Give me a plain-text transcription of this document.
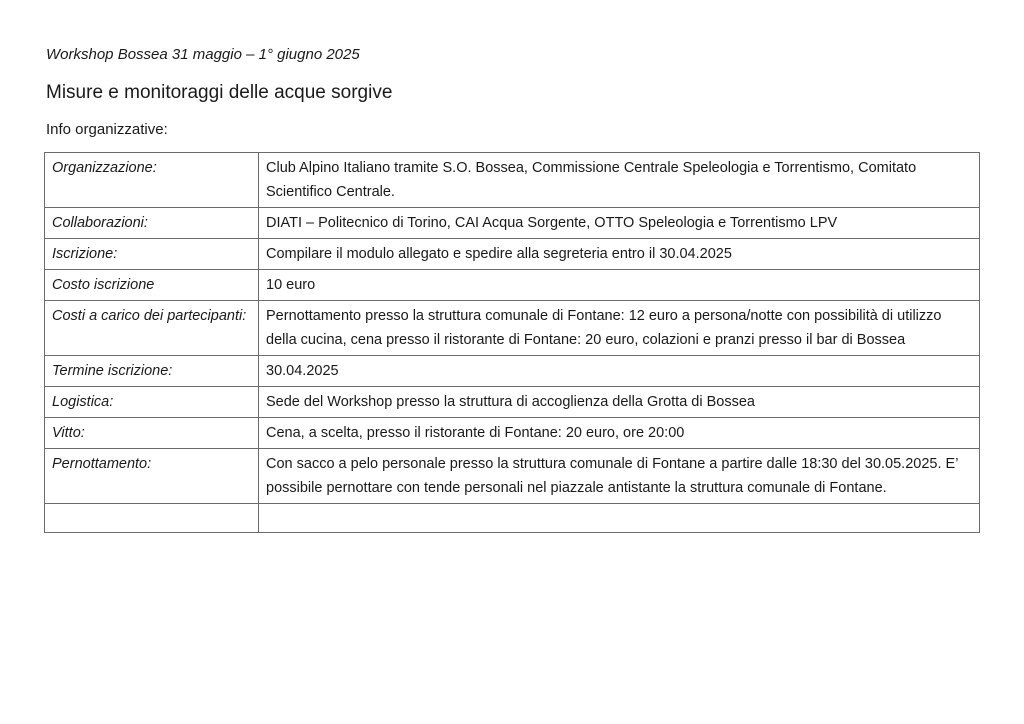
Workshop Bossea 31 maggio – 1° giugno 2025
Misure e monitoraggi delle acque sorgive
Info organizzative:
Organizzazione:	Club Alpino Italiano tramite S.O. Bossea, Commissione Centrale Speleologia e Torrentismo, Comitato Scientifico Centrale.
Collaborazioni:	DIATI – Politecnico di Torino, CAI Acqua Sorgente, OTTO Speleologia e Torrentismo LPV
Iscrizione:	Compilare il modulo allegato e spedire alla segreteria entro il 30.04.2025
Costo iscrizione	10 euro
Costi a carico dei partecipanti:	Pernottamento presso la struttura comunale di Fontane: 12 euro a persona/notte con possibilità di utilizzo della cucina, cena presso il ristorante di Fontane: 20 euro, colazioni e pranzi presso il bar di Bossea
Termine iscrizione:	30.04.2025
Logistica:	Sede del Workshop presso la struttura di accoglienza della Grotta di Bossea
Vitto:	Cena, a scelta, presso il ristorante di Fontane: 20 euro, ore 20:00
Pernottamento:	Con sacco a pelo personale presso la struttura comunale di Fontane a partire dalle 18:30 del 30.05.2025. E’ possibile pernottare con tende personali nel piazzale antistante la struttura comunale di Fontane.
